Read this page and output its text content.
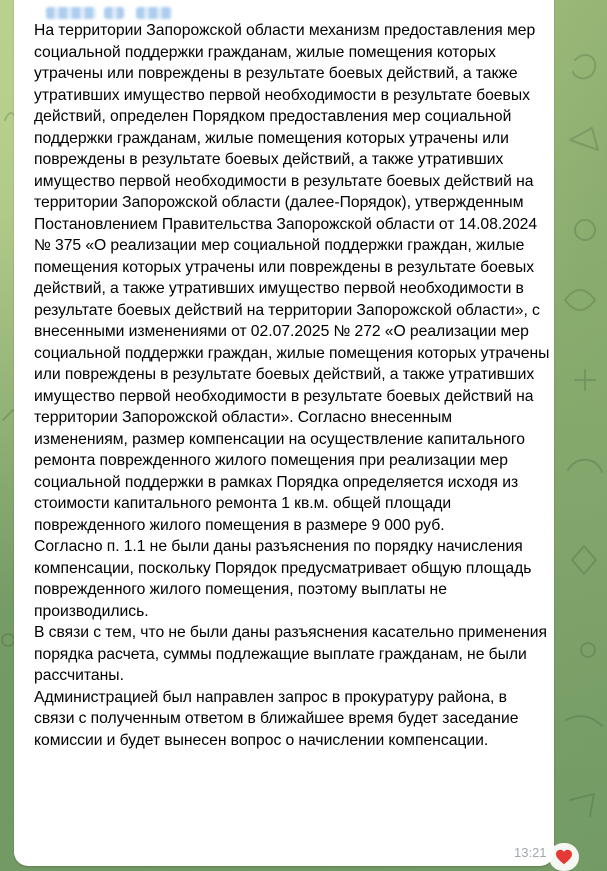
На территории Запорожской области механизм предоставления мер социальной поддержки гражданам, жилые помещения которых утрачены или повреждены в результате боевых действий, а также утративших имущество первой необходимости в результате боевых действий, определен Порядком предоставления мер социальной поддержки гражданам, жилые помещения которых утрачены или повреждены в результате боевых действий, а также утративших имущество первой необходимости в результате боевых действий на территории Запорожской области (далее-Порядок), утвержденным Постановлением Правительства Запорожской области от 14.08.2024 № 375 «О реализации мер социальной поддержки граждан, жилые помещения которых утрачены или повреждены в результате боевых действий, а также утративших имущество первой необходимости в результате боевых действий на территории Запорожской области», с внесенными изменениями от 02.07.2025 № 272 «О реализации мер социальной поддержки граждан, жилые помещения которых утрачены или повреждены в результате боевых действий, а также утративших имущество первой необходимости в результате боевых действий на территории Запорожской области». Согласно внесенным изменениям, размер компенсации на осуществление капитального ремонта поврежденного жилого помещения при реализации мер социальной поддержки в рамках Порядка определяется исходя из стоимости капитального ремонта 1 кв.м. общей площади поврежденного жилого помещения в размере 9 000 руб.
Согласно п. 1.1 не были даны разъяснения по порядку начисления компенсации, поскольку Порядок предусматривает общую площадь поврежденного жилого помещения, поэтому выплаты не производились.
В связи с тем, что не были даны разъяснения касательно применения порядка расчета, суммы подлежащие выплате гражданам, не были рассчитаны.
Администрацией был направлен запрос в прокуратуру района, в связи с полученным ответом в ближайшее время будет заседание комиссии и будет вынесен вопрос о начислении компенсации.

13:21
